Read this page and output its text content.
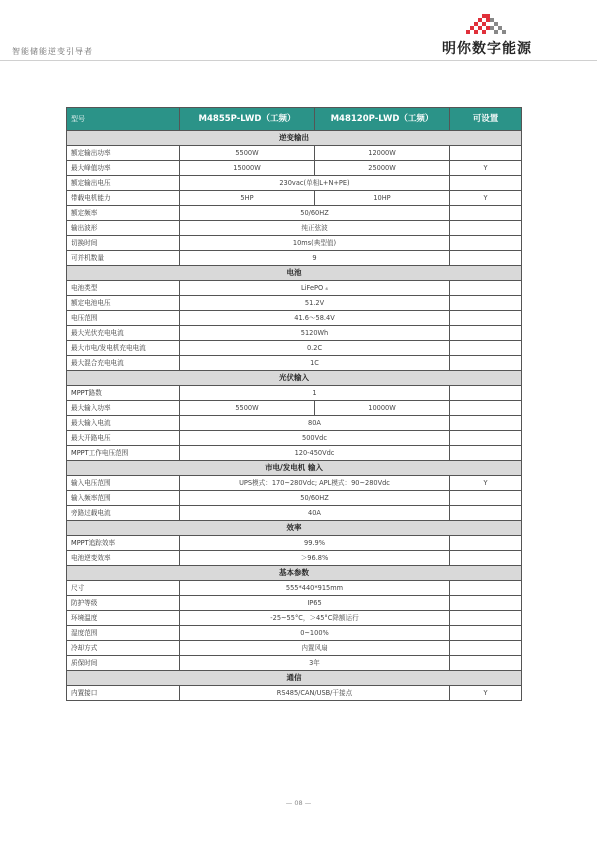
智能储能逆变引导者	明你数字能源
型号	M4855P-LWD（工频）	M48120P-LWD（工频）	可设置
逆变输出			
额定输出功率	5500W	12000W	
最大峰值功率	15000W	25000W	Y
额定输出电压	230vac(单相L+N+PE)		
带载电机能力	5HP	10HP	Y
额定频率	50/60HZ		
输出波形	纯正弦波		
切换时间	10ms(典型值)		
可并机数量	9		
电池			
电池类型	LiFePO ₄		
额定电池电压	51.2V		
电压范围	41.6～58.4V		
最大光伏充电电流	5120Wh		
最大市电/发电机充电电流	0.2C		
最大混合充电电流	1C		
光伏输入			
MPPT路数	1		
最大输入功率	5500W	10000W	
最大输入电流	80A		
最大开路电压	500Vdc		
MPPT工作电压范围	120-450Vdc		
市电/发电机 输入			
输入电压范围	UPS模式：170~280Vdc; APL模式：90~280Vdc		Y
输入频率范围	50/60HZ		
旁路过载电流	40A		
效率			
MPPT追踪效率	99.9%		
电池逆变效率	＞96.8%		
基本参数			
尺寸	555*440*915mm		
防护等级	IP65		
环境温度	-25~55°C，＞45°C降额运行		
湿度范围	0~100%		
冷却方式	内置风扇		
质保时间	3年		
通信			
内置接口	RS485/CAN/USB/干接点		Y
— 08 —
